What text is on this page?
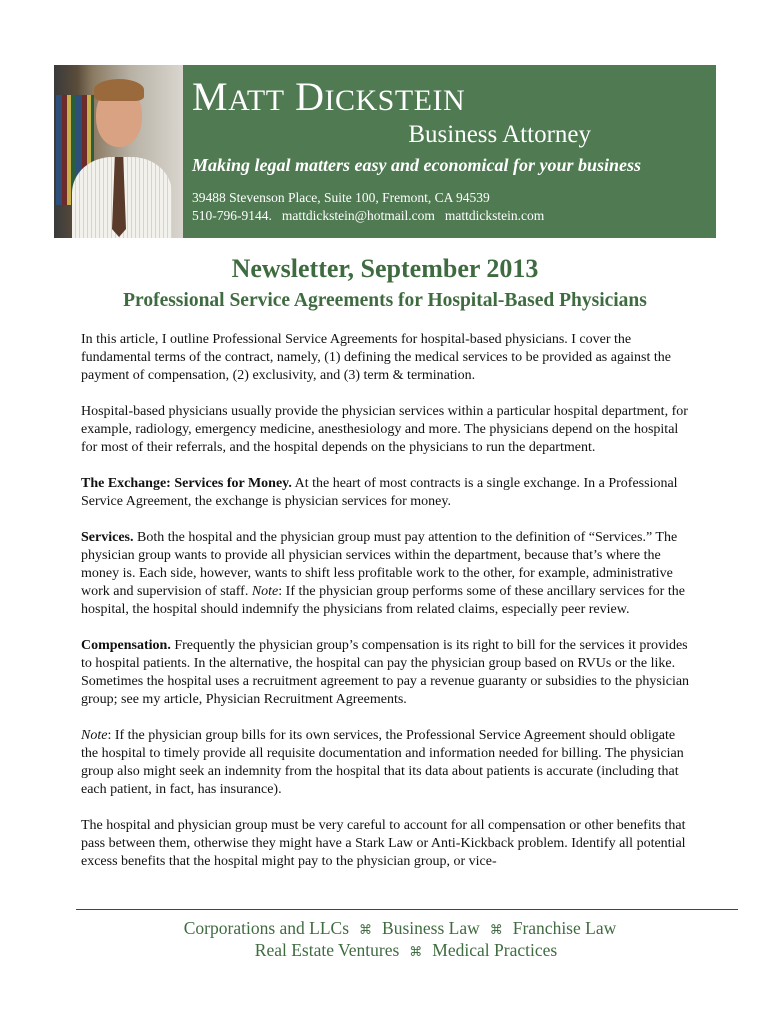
MATT DICKSTEIN
Business Attorney
Making legal matters easy and economical for your business
39488 Stevenson Place, Suite 100, Fremont, CA 94539
510-796-9144. mattdickstein@hotmail.com mattdickstein.com
Newsletter, September 2013
Professional Service Agreements for Hospital-Based Physicians

In this article, I outline Professional Service Agreements for hospital-based physicians. I cover the fundamental terms of the contract, namely, (1) defining the medical services to be provided as against the payment of compensation, (2) exclusivity, and (3) term & termination.

Hospital-based physicians usually provide the physician services within a particular hospital department, for example, radiology, emergency medicine, anesthesiology and more. The physicians depend on the hospital for most of their referrals, and the hospital depends on the physicians to run the department.

The Exchange: Services for Money. At the heart of most contracts is a single exchange. In a Professional Service Agreement, the exchange is physician services for money.

Services. Both the hospital and the physician group must pay attention to the definition of “Services.” The physician group wants to provide all physician services within the department, because that’s where the money is. Each side, however, wants to shift less profitable work to the other, for example, administrative work and supervision of staff. Note: If the physician group performs some of these ancillary services for the hospital, the hospital should indemnify the physicians from related claims, especially peer review.

Compensation. Frequently the physician group’s compensation is its right to bill for the services it provides to hospital patients. In the alternative, the hospital can pay the physician group based on RVUs or the like. Sometimes the hospital uses a recruitment agreement to pay a revenue guaranty or subsidies to the physician group; see my article, Physician Recruitment Agreements.

Note: If the physician group bills for its own services, the Professional Service Agreement should obligate the hospital to timely provide all requisite documentation and information needed for billing. The physician group also might seek an indemnity from the hospital that its data about patients is accurate (including that each patient, in fact, has insurance).

The hospital and physician group must be very careful to account for all compensation or other benefits that pass between them, otherwise they might have a Stark Law or Anti-Kickback problem. Identify all potential excess benefits that the hospital might pay to the physician group, or vice-

Corporations and LLCs ⌘ Business Law ⌘ Franchise Law
Real Estate Ventures ⌘ Medical Practices
